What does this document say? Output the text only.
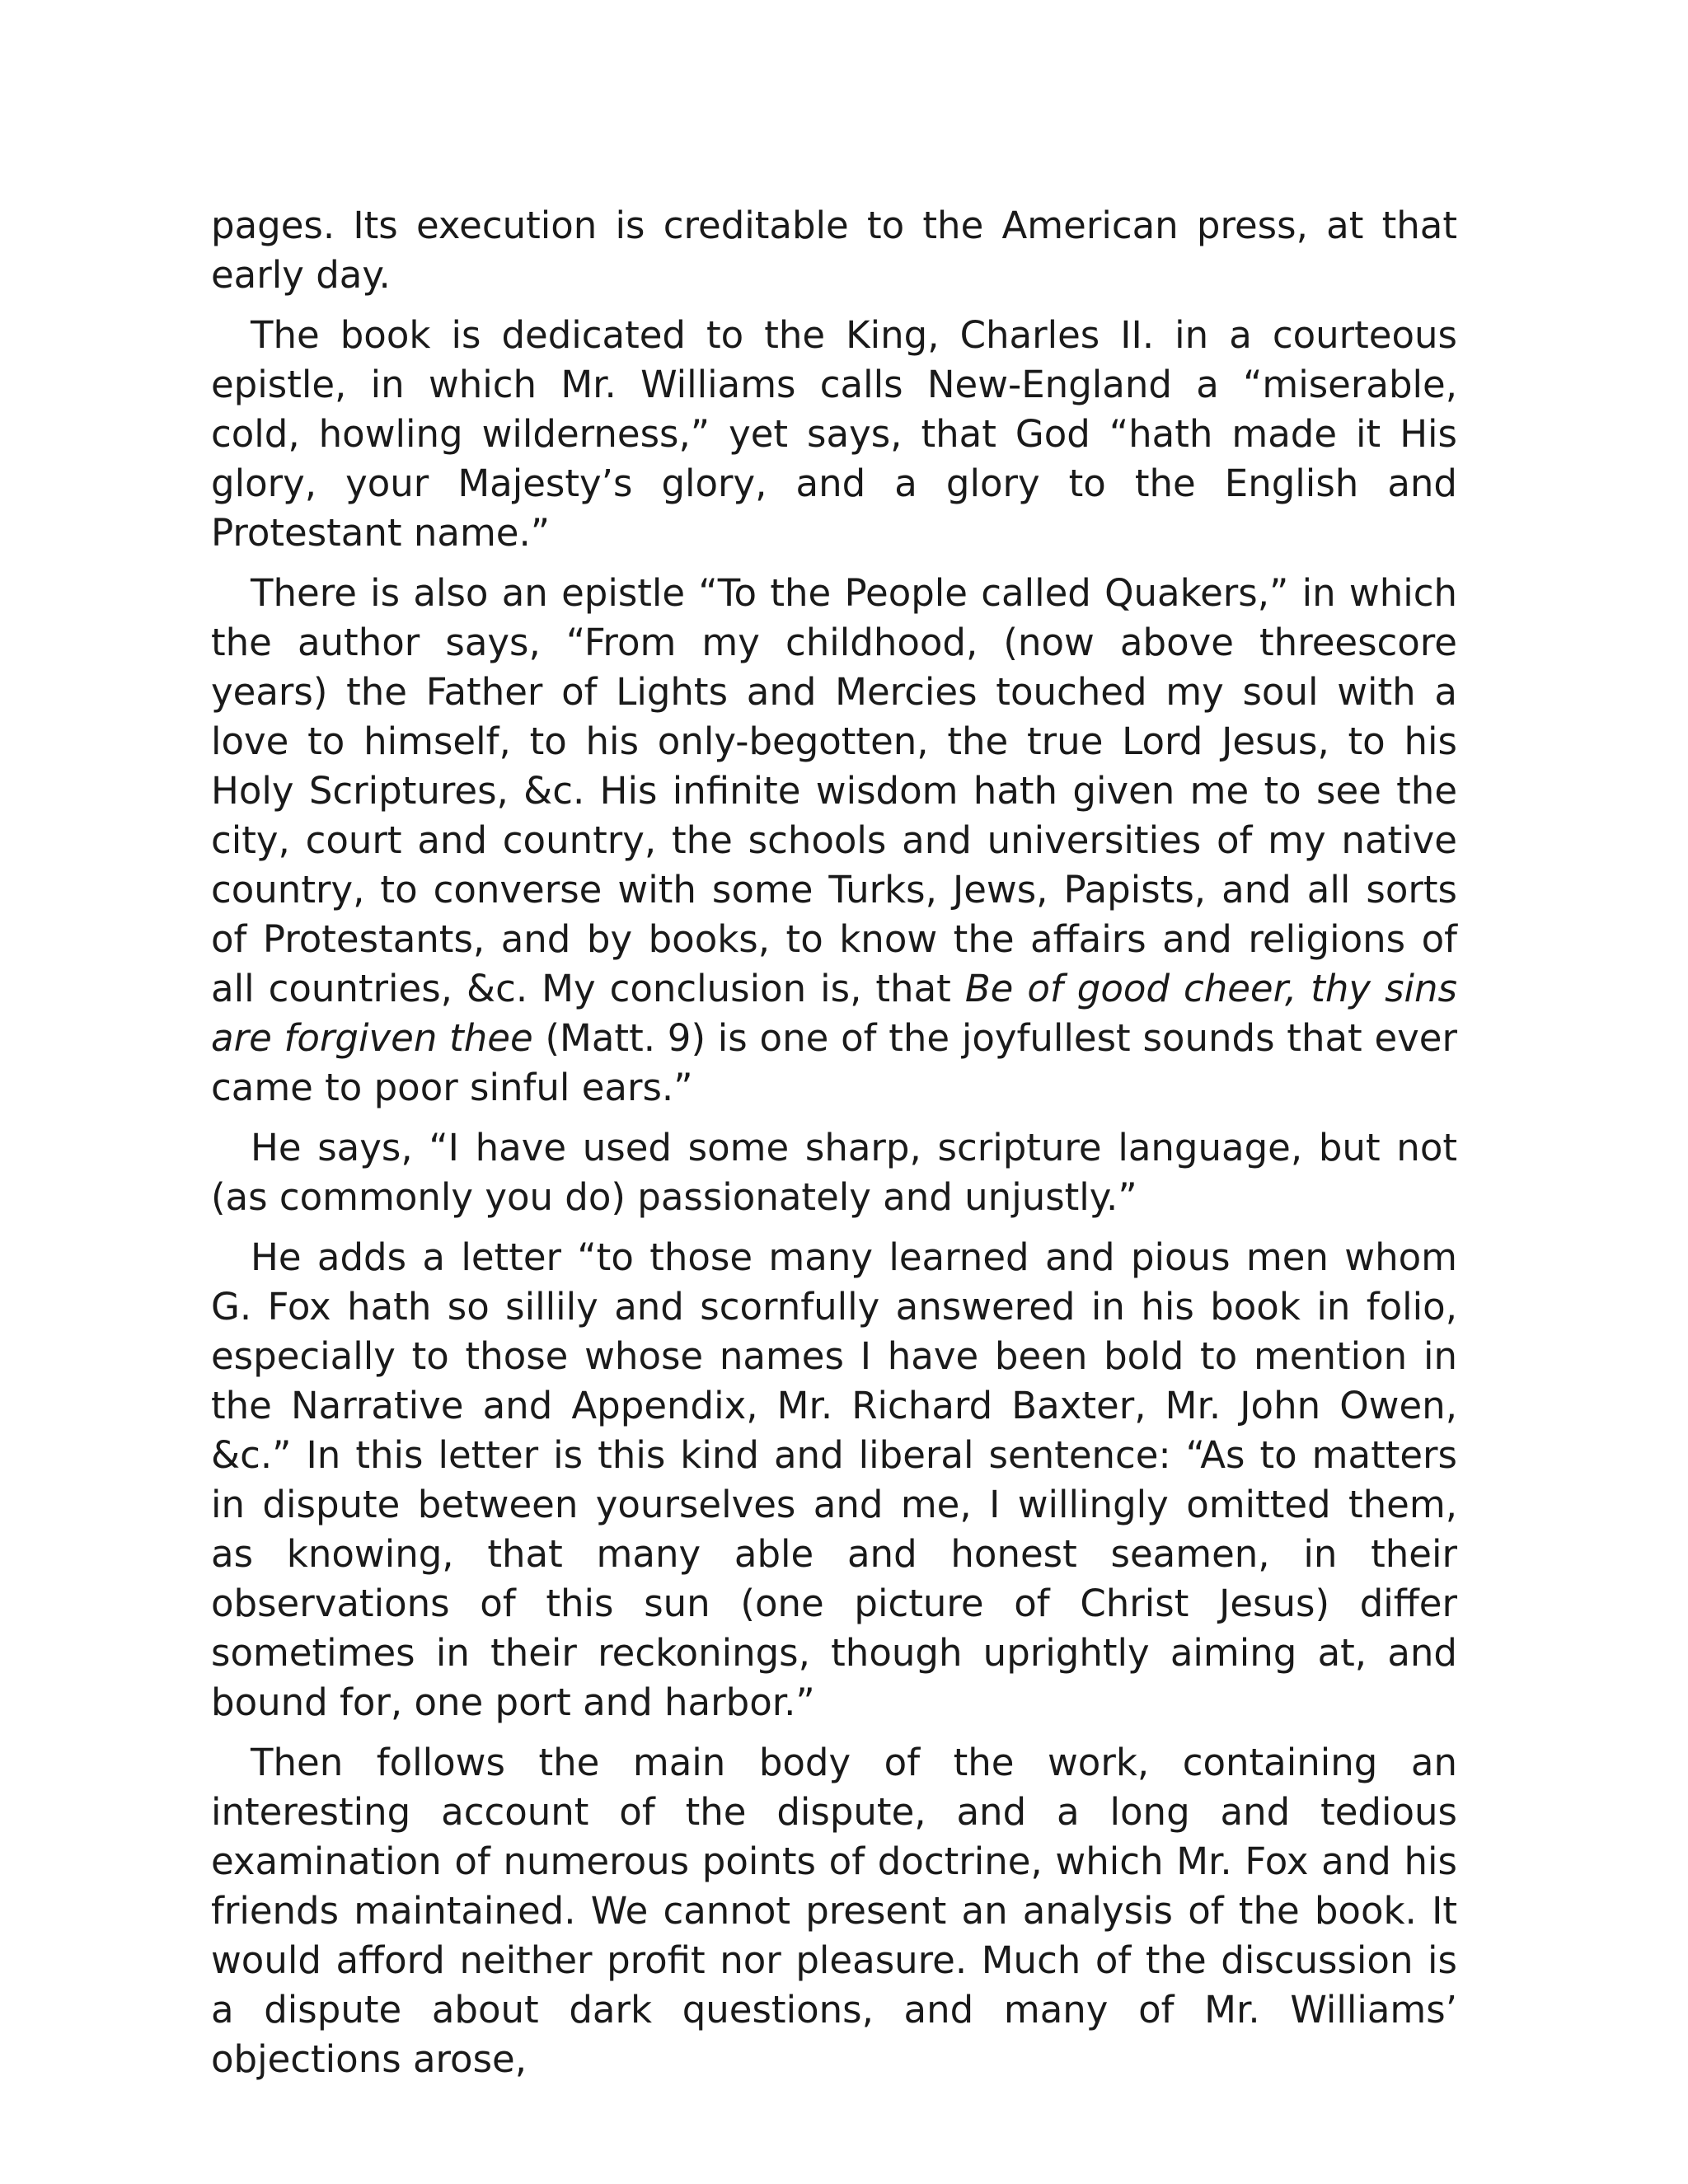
pages. Its execution is creditable to the American press, at that early day.

The book is dedicated to the King, Charles II. in a courteous epistle, in which Mr. Williams calls New-England a “miserable, cold, howling wilderness,” yet says, that God “hath made it His glory, your Majesty’s glory, and a glory to the English and Protestant name.”

There is also an epistle “To the People called Quakers,” in which the author says, “From my childhood, (now above threescore years) the Father of Lights and Mercies touched my soul with a love to himself, to his only-begotten, the true Lord Jesus, to his Holy Scriptures, &c. His infinite wisdom hath given me to see the city, court and country, the schools and universities of my native country, to converse with some Turks, Jews, Papists, and all sorts of Protestants, and by books, to know the affairs and religions of all countries, &c. My conclusion is, that Be of good cheer, thy sins are forgiven thee (Matt. 9) is one of the joyfullest sounds that ever came to poor sinful ears.”

He says, “I have used some sharp, scripture language, but not (as commonly you do) passionately and unjustly.”

He adds a letter “to those many learned and pious men whom G. Fox hath so sillily and scornfully answered in his book in folio, especially to those whose names I have been bold to mention in the Narrative and Appendix, Mr. Richard Baxter, Mr. John Owen, &c.” In this letter is this kind and liberal sentence: “As to matters in dispute between yourselves and me, I willingly omitted them, as knowing, that many able and honest seamen, in their observations of this sun (one picture of Christ Jesus) differ sometimes in their reckonings, though uprightly aiming at, and bound for, one port and harbor.”

Then follows the main body of the work, containing an interesting account of the dispute, and a long and tedious examination of numerous points of doctrine, which Mr. Fox and his friends maintained. We cannot present an analysis of the book. It would afford neither profit nor pleasure. Much of the discussion is a dispute about dark questions, and many of Mr. Williams’ objections arose,
